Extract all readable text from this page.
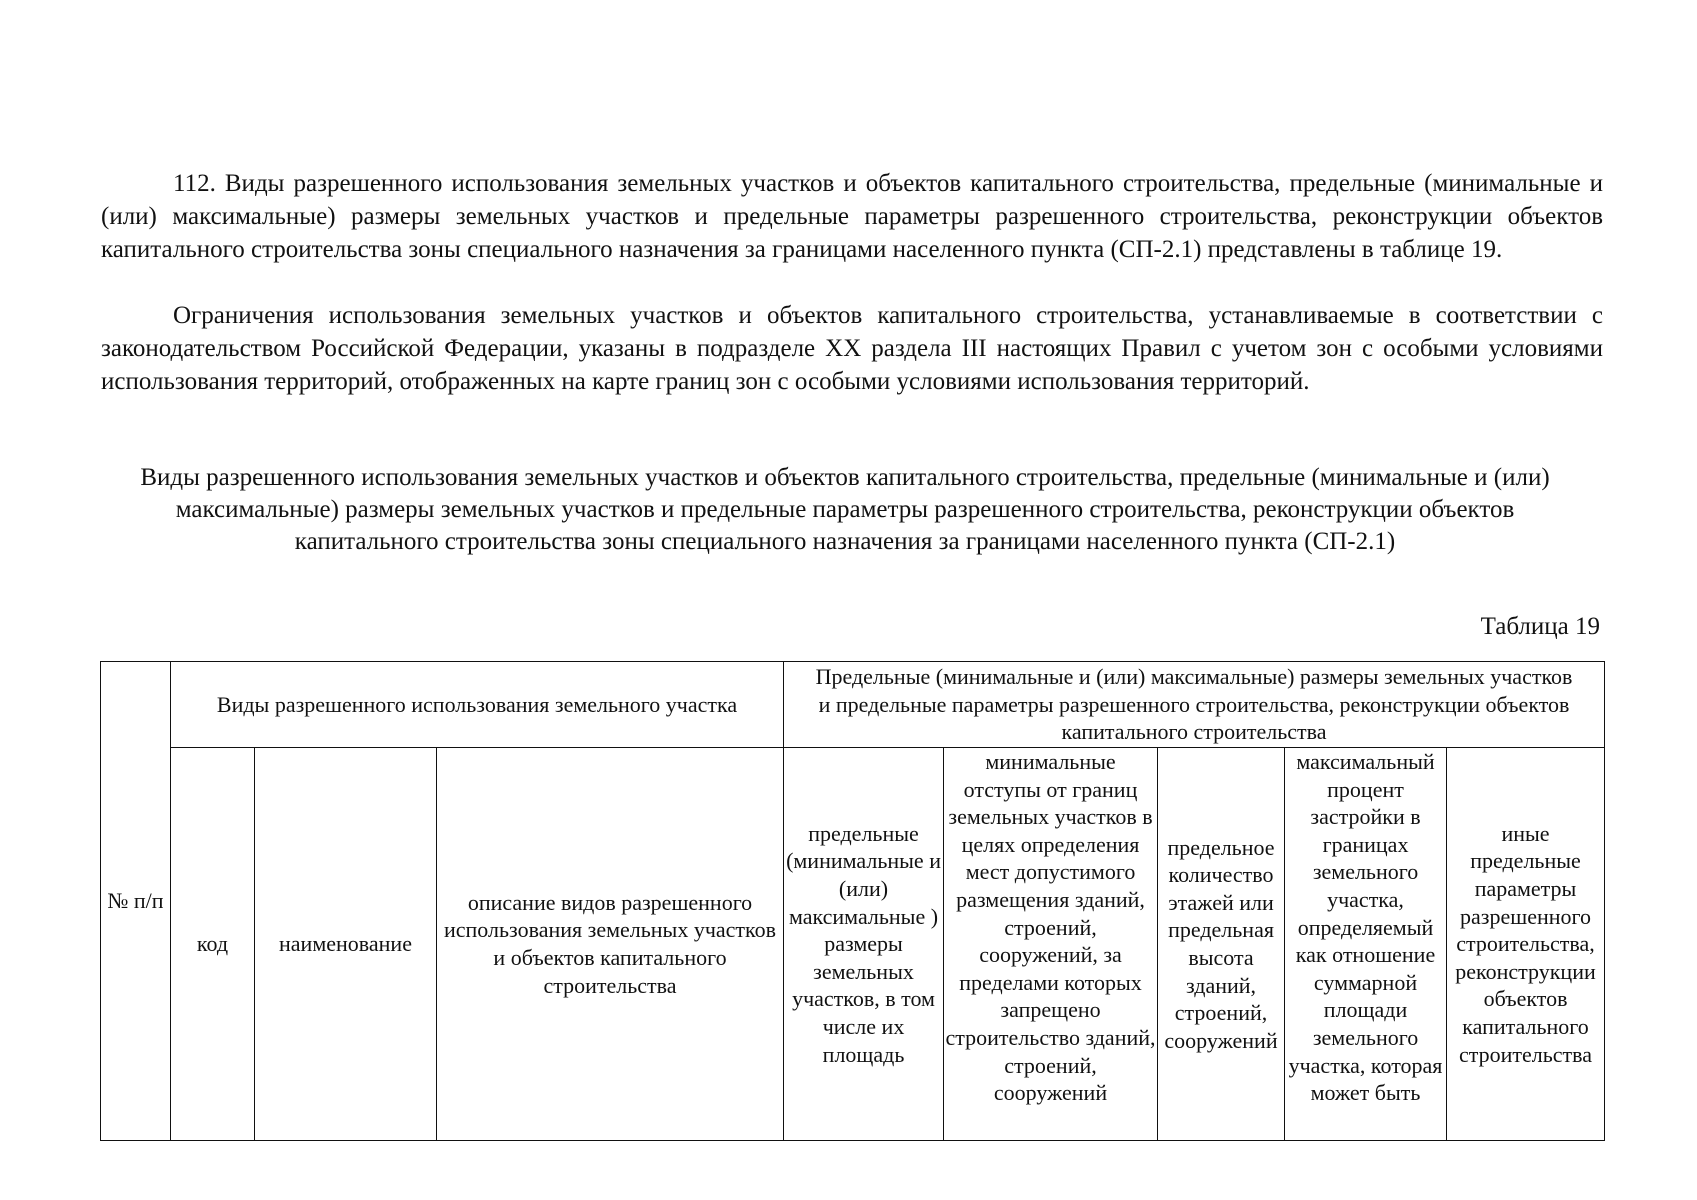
112. Виды разрешенного использования земельных участков и объектов капитального строительства, предельные (минимальные и (или) максимальные) размеры земельных участков и предельные параметры разрешенного строительства, реконструкции объектов капитального строительства зоны специального назначения за границами населенного пункта (СП-2.1) представлены в таблице 19.

Ограничения использования земельных участков и объектов капитального строительства, устанавливаемые в соответствии с законодательством Российской Федерации, указаны в подразделе XX раздела III настоящих Правил с учетом зон с особыми условиями использования территорий, отображенных на карте границ зон с особыми условиями использования территорий.

Виды разрешенного использования земельных участков и объектов капитального строительства, предельные (минимальные и (или) максимальные) размеры земельных участков и предельные параметры разрешенного строительства, реконструкции объектов капитального строительства зоны специального назначения за границами населенного пункта (СП-2.1)

Таблица 19

№ п/п	Виды разрешенного использования земельного участка			Предельные (минимальные и (или) максимальные) размеры земельных участков и предельные параметры разрешенного строительства, реконструкции объектов капитального строительства				
	код	наименование	описание видов разрешенного использования земельных участков и объектов капитального строительства	предельные (минимальные и (или) максимальные ) размеры земельных участков, в том числе их площадь	минимальные отступы от границ земельных участков в целях определения мест допустимого размещения зданий, строений, сооружений, за пределами которых запрещено строительство зданий, строений, сооружений	предельное количество этажей или предельная высота зданий, строений, сооружений	максимальный процент застройки в границах земельного участка, определяемый как отношение суммарной площади земельного участка, которая может быть	иные предельные параметры разрешенного строительства, реконструкции объектов капитального строительства
